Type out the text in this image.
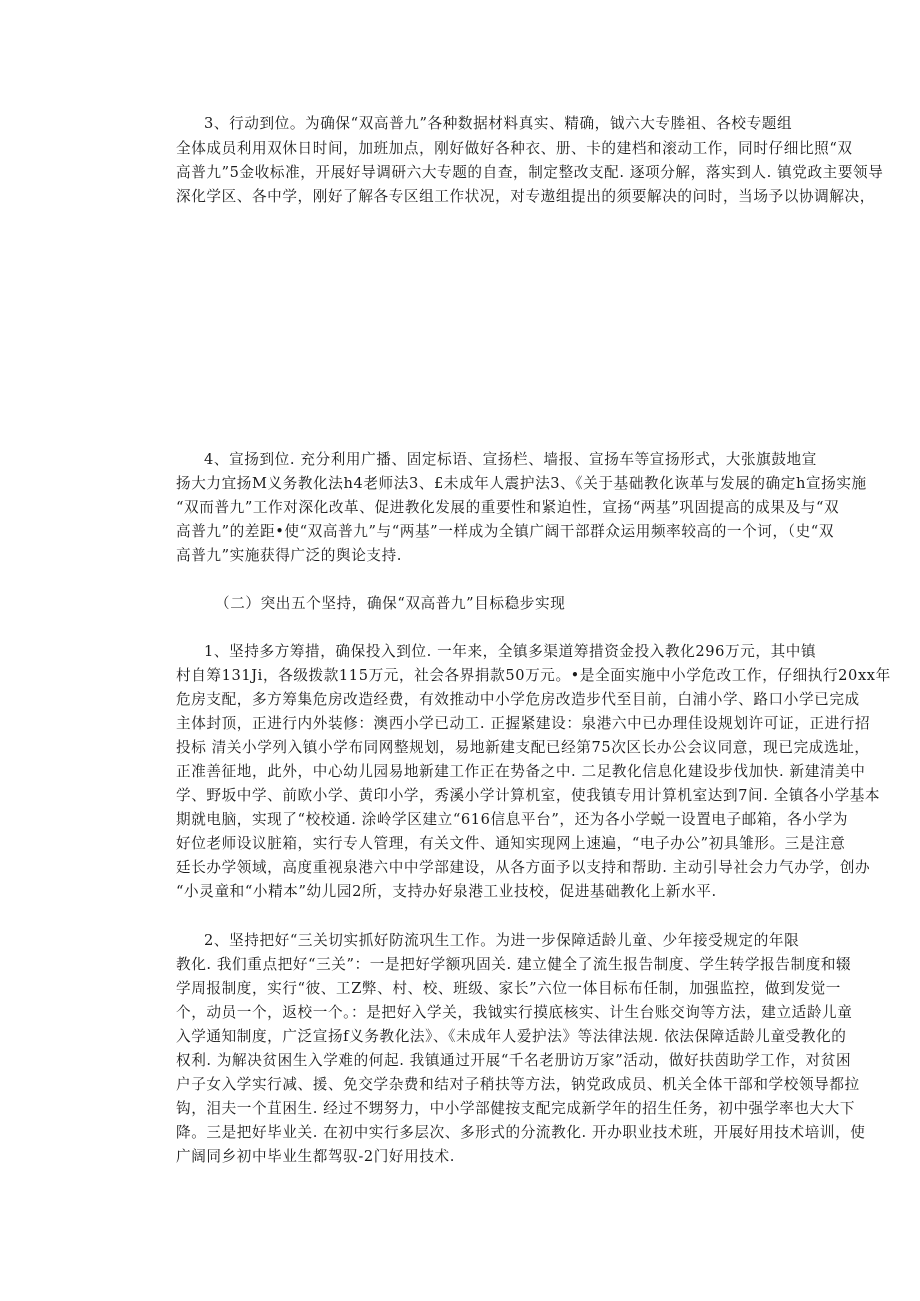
3、行动到位。为确保“双高普九”各种数据材料真实、精确，钺六大专塍祖、各校专题组
全体成员利用双休日时间，加班加点，刚好做好各种衣、册、卡的建档和滚动工作，同时仔细比照“双
高普九”5金收标准，开展好导调研六大专题的自查，制定整改支配. 逐项分解，落实到人. 镇党政主要领导
深化学区、各中学，刚好了解各专区组工作状况，对专遨组提出的须要解决的问时，当场予以协调解决，
4、宣扬到位. 充分利用广播、固定标语、宣扬栏、墙报、宣扬车等宣扬形式，大张旗鼓地宣
扬大力宜扬M义务教化法h4老师法3、£未成年人震护法3、《关于基础教化诙革与发展的确定h宣扬实施
“双而普九”工作对深化改革、促进教化发展的重要性和紧迫性，宣扬“两基”巩固提高的成果及与“双
高普九”的差距•使“双高普九”与“两基”一样成为全镇广阔干部群众运用频率较高的一个诃，（史“双
高普九”实施获得广泛的舆论支持.
（二）突出五个坚持，确保“双高普九”目标稳步实现
1、坚持多方筹措，确保投入到位. 一年来，全镇多渠道筹措资金投入教化296万元，其中镇
村自筹131Ji，各级拨款115万元，社会各界捐款50万元。•是全面实施中小学危改工作，仔细执行20xx年
危房支配，多方筹集危房改造经费，有效推动中小学危房改造步代至目前，白浦小学、路口小学已完成
主体封顶，正进行内外装修：澳西小学已动工. 正握紧建设：泉港六中已办理佳设规划许可证，正进行招
投标 清关小学列入镇小学布同网整规划，易地新建支配已经第75次区长办公会议同意，现已完成选址，
正准善征地，此外，中心幼儿园易地新建工作正在势备之中. 二足教化信息化建设步伐加快. 新建清美中
学、野坂中学、前欧小学、黄印小学，秀溪小学计算机室，使我镇专用计算机室达到7间. 全镇各小学基本
期就电脑，实现了“校校通. 涂岭学区建立“616信息平台”，还为各小学蜕一设置电子邮箱，各小学为
好位老师设议脏箱，实行专人管理，有关文件、通知实现网上速遍，“电子办公”初具雏形。三是注意
廷长办学领域，高度重视泉港六中中学部建设，从各方面予以支持和帮助. 主动引导社会力气办学，创办
“小灵童和“小精本”幼儿园2所，支持办好泉港工业技校，促进基础教化上新水平.
2、坚持把好“三关切实抓好防流巩生工作。为进一步保障适龄儿童、少年接受规定的年限
教化. 我们重点把好“三关”：一是把好学额巩固关. 建立健全了流生报告制度、学生转学报告制度和辍
学周报制度，实行“彼、工Z弊、村、校、班级、家长”六位一体目标布任制，加强监控，做到发觉一
个，动员一个，返校一个。：是把好入学关，我钺实行摸底核实、计生台账交询等方法，建立适龄儿童
入学通知制度，广泛宣扬f义务教化法》、《未成年人爱护法》等法律法规. 依法保障适龄儿童受教化的
权利. 为解决贫困生入学难的何起. 我镇通过开展“千名老册访万家”活动，做好扶茵助学工作，对贫困
户子女入学实行减、援、免交学杂费和结对子稍扶等方法，钠党政成员、机关全体干部和学校领导都拉
钩，泪夫一个苴困生. 经过不甥努力，中小学部健按支配完成新学年的招生任务，初中强学率也大大下
降。三是把好毕业关. 在初中实行多层次、多形式的分流教化. 开办职业技术班，开展好用技术培训，使
广阔同乡初中毕业生都驾驭-2门好用技术.
